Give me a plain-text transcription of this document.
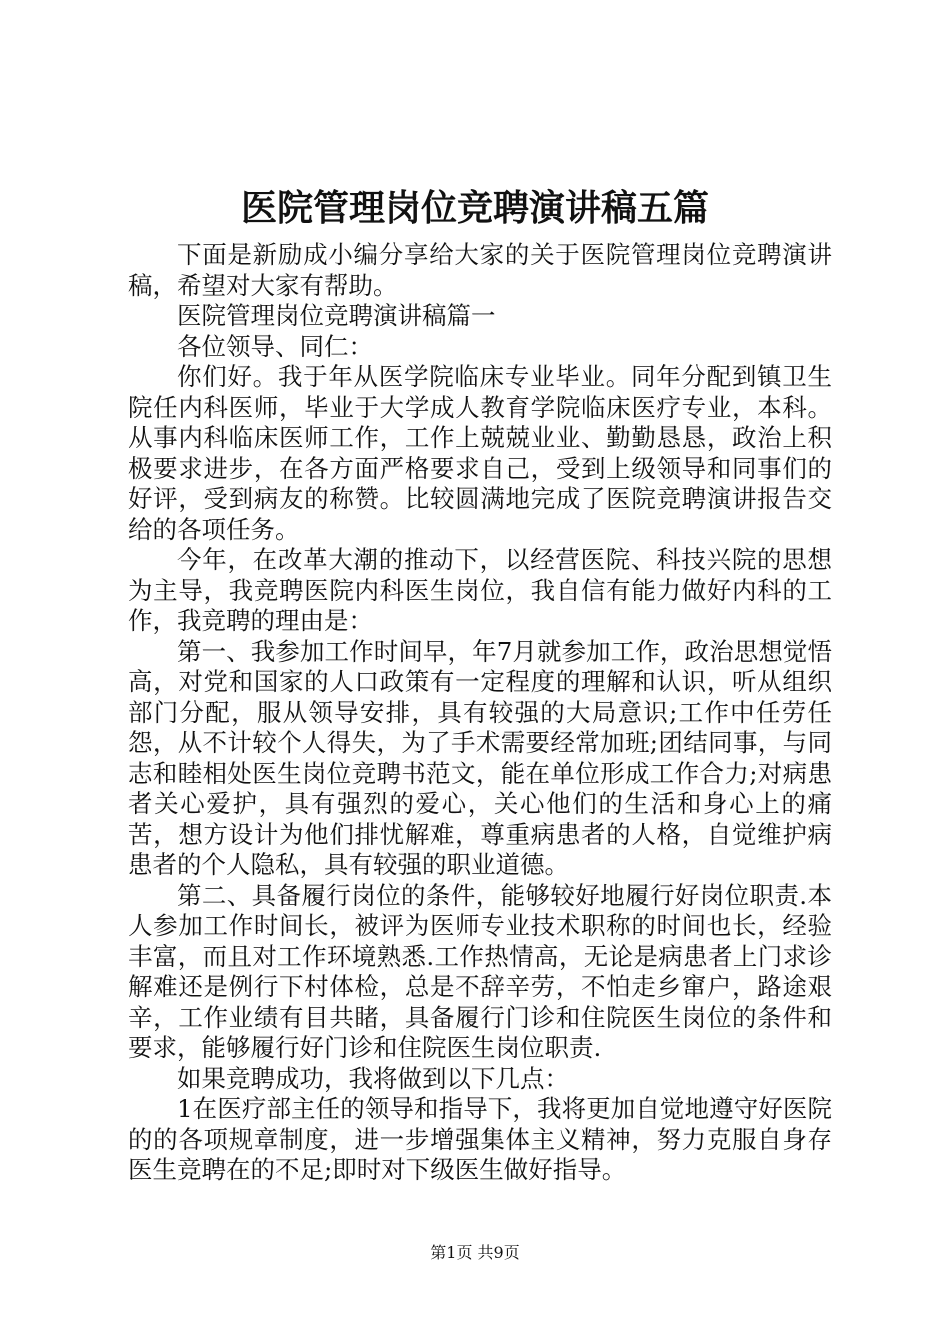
医院管理岗位竞聘演讲稿五篇

下面是新励成小编分享给大家的关于医院管理岗位竞聘演讲稿，希望对大家有帮助。

医院管理岗位竞聘演讲稿篇一

各位领导、同仁：

你们好。我于年从医学院临床专业毕业。同年分配到镇卫生院任内科医师，毕业于大学成人教育学院临床医疗专业，本科。从事内科临床医师工作，工作上兢兢业业、勤勤恳恳，政治上积极要求进步，在各方面严格要求自己，受到上级领导和同事们的好评，受到病友的称赞。比较圆满地完成了医院竞聘演讲报告交给的各项任务。

今年，在改革大潮的推动下，以经营医院、科技兴院的思想为主导，我竞聘医院内科医生岗位，我自信有能力做好内科的工作，我竞聘的理由是：

第一、我参加工作时间早，年7月就参加工作，政治思想觉悟高，对党和国家的人口政策有一定程度的理解和认识，听从组织部门分配，服从领导安排，具有较强的大局意识;工作中任劳任怨，从不计较个人得失，为了手术需要经常加班;团结同事，与同志和睦相处医生岗位竞聘书范文，能在单位形成工作合力;对病患者关心爱护，具有强烈的爱心，关心他们的生活和身心上的痛苦，想方设计为他们排忧解难，尊重病患者的人格，自觉维护病患者的个人隐私，具有较强的职业道德。

第二、具备履行岗位的条件，能够较好地履行好岗位职责.本人参加工作时间长，被评为医师专业技术职称的时间也长，经验丰富，而且对工作环境熟悉.工作热情高，无论是病患者上门求诊解难还是例行下村体检，总是不辞辛劳，不怕走乡窜户，路途艰辛，工作业绩有目共睹，具备履行门诊和住院医生岗位的条件和要求，能够履行好门诊和住院医生岗位职责.

如果竞聘成功，我将做到以下几点：

1在医疗部主任的领导和指导下，我将更加自觉地遵守好医院的的各项规章制度，进一步增强集体主义精神，努力克服自身存医生竞聘在的不足;即时对下级医生做好指导。

第1页 共9页
